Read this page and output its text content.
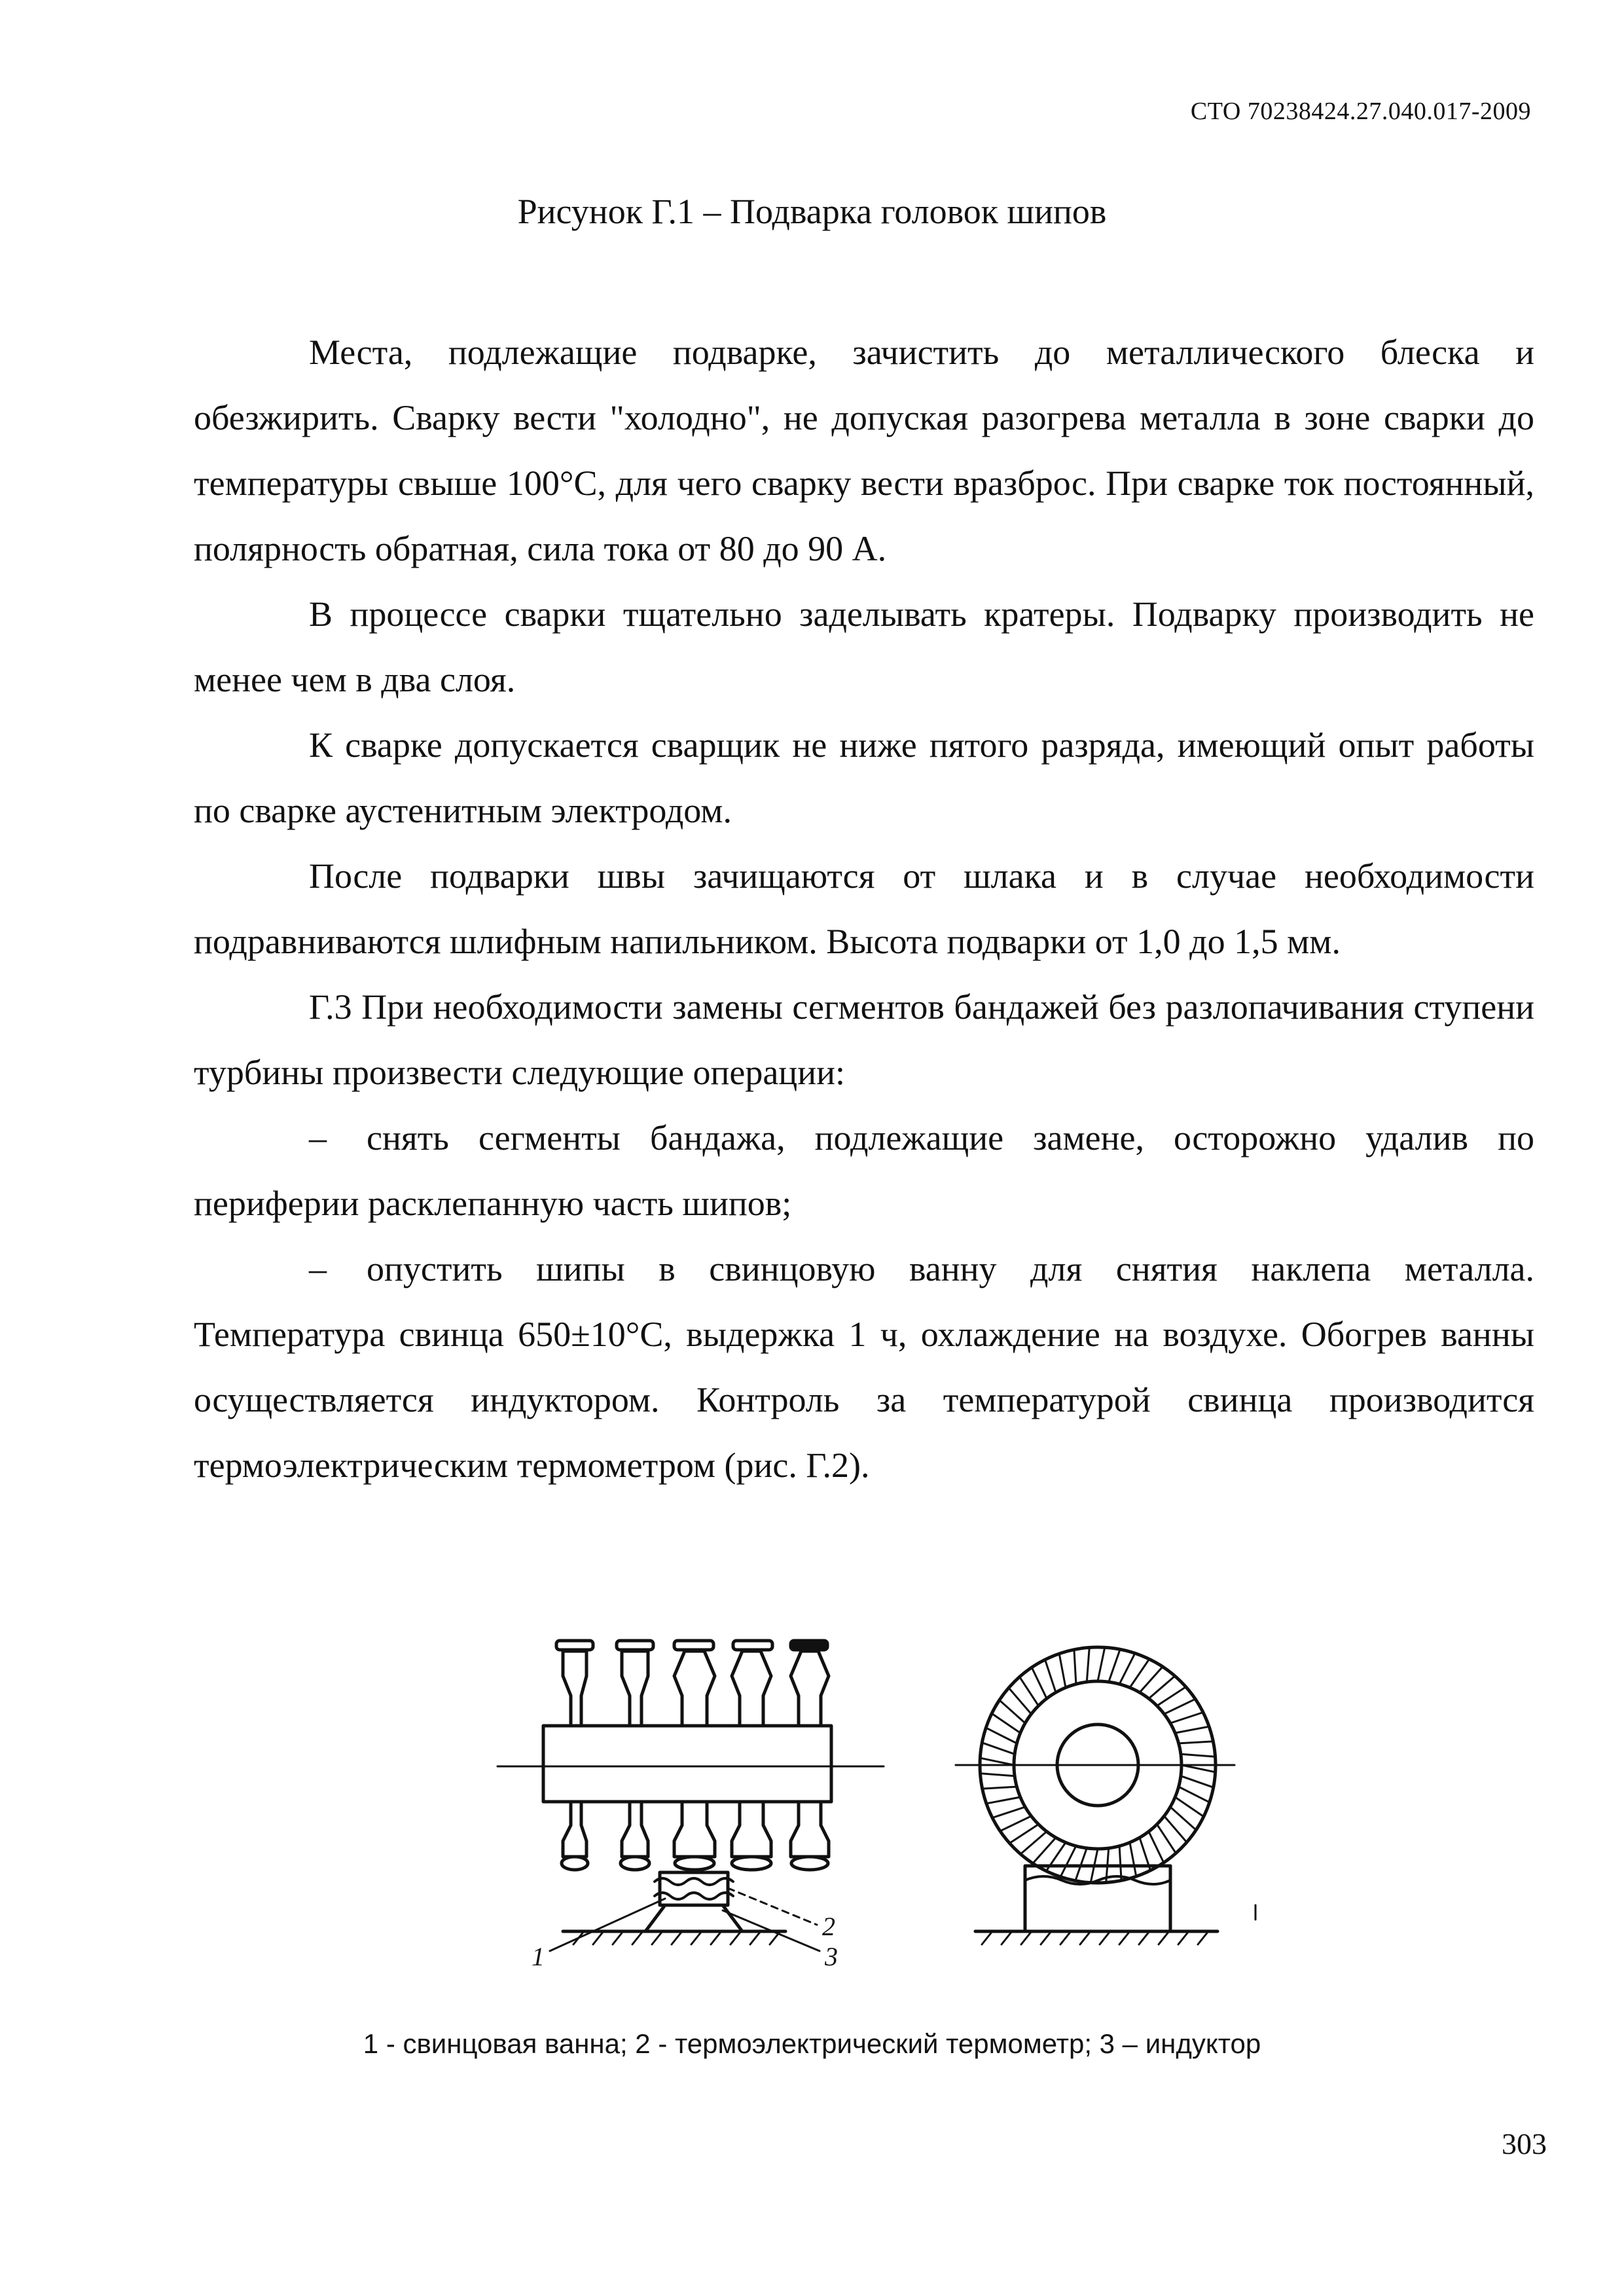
СТО 70238424.27.040.017-2009
Рисунок Г.1 – Подварка головок шипов

Места, подлежащие подварке, зачистить до металлического блеска и обезжирить. Сварку вести "холодно", не допуская разогрева металла в зоне сварки до температуры свыше 100°С, для чего сварку вести вразброс. При сварке ток постоянный, полярность обратная, сила тока от 80 до 90 А.

В процессе сварки тщательно заделывать кратеры. Подварку производить не менее чем в два слоя.

К сварке допускается сварщик не ниже пятого разряда, имеющий опыт работы по сварке аустенитным электродом.

После подварки швы зачищаются от шлака и в случае необходимости подравниваются шлифным напильником. Высота подварки от 1,0 до 1,5 мм.

Г.3 При необходимости замены сегментов бандажей без разлопачивания ступени турбины произвести следующие операции:

– снять сегменты бандажа, подлежащие замене, осторожно удалив по периферии расклепанную часть шипов;

– опустить шипы в свинцовую ванну для снятия наклепа металла. Температура свинца 650±10°С, выдержка 1 ч, охлаждение на воздухе. Обогрев ванны осуществляется индуктором. Контроль за температурой свинца производится термоэлектрическим термометром (рис. Г.2).

1
2
3
1 - свинцовая ванна; 2 - термоэлектрический термометр; 3 – индуктор
303
